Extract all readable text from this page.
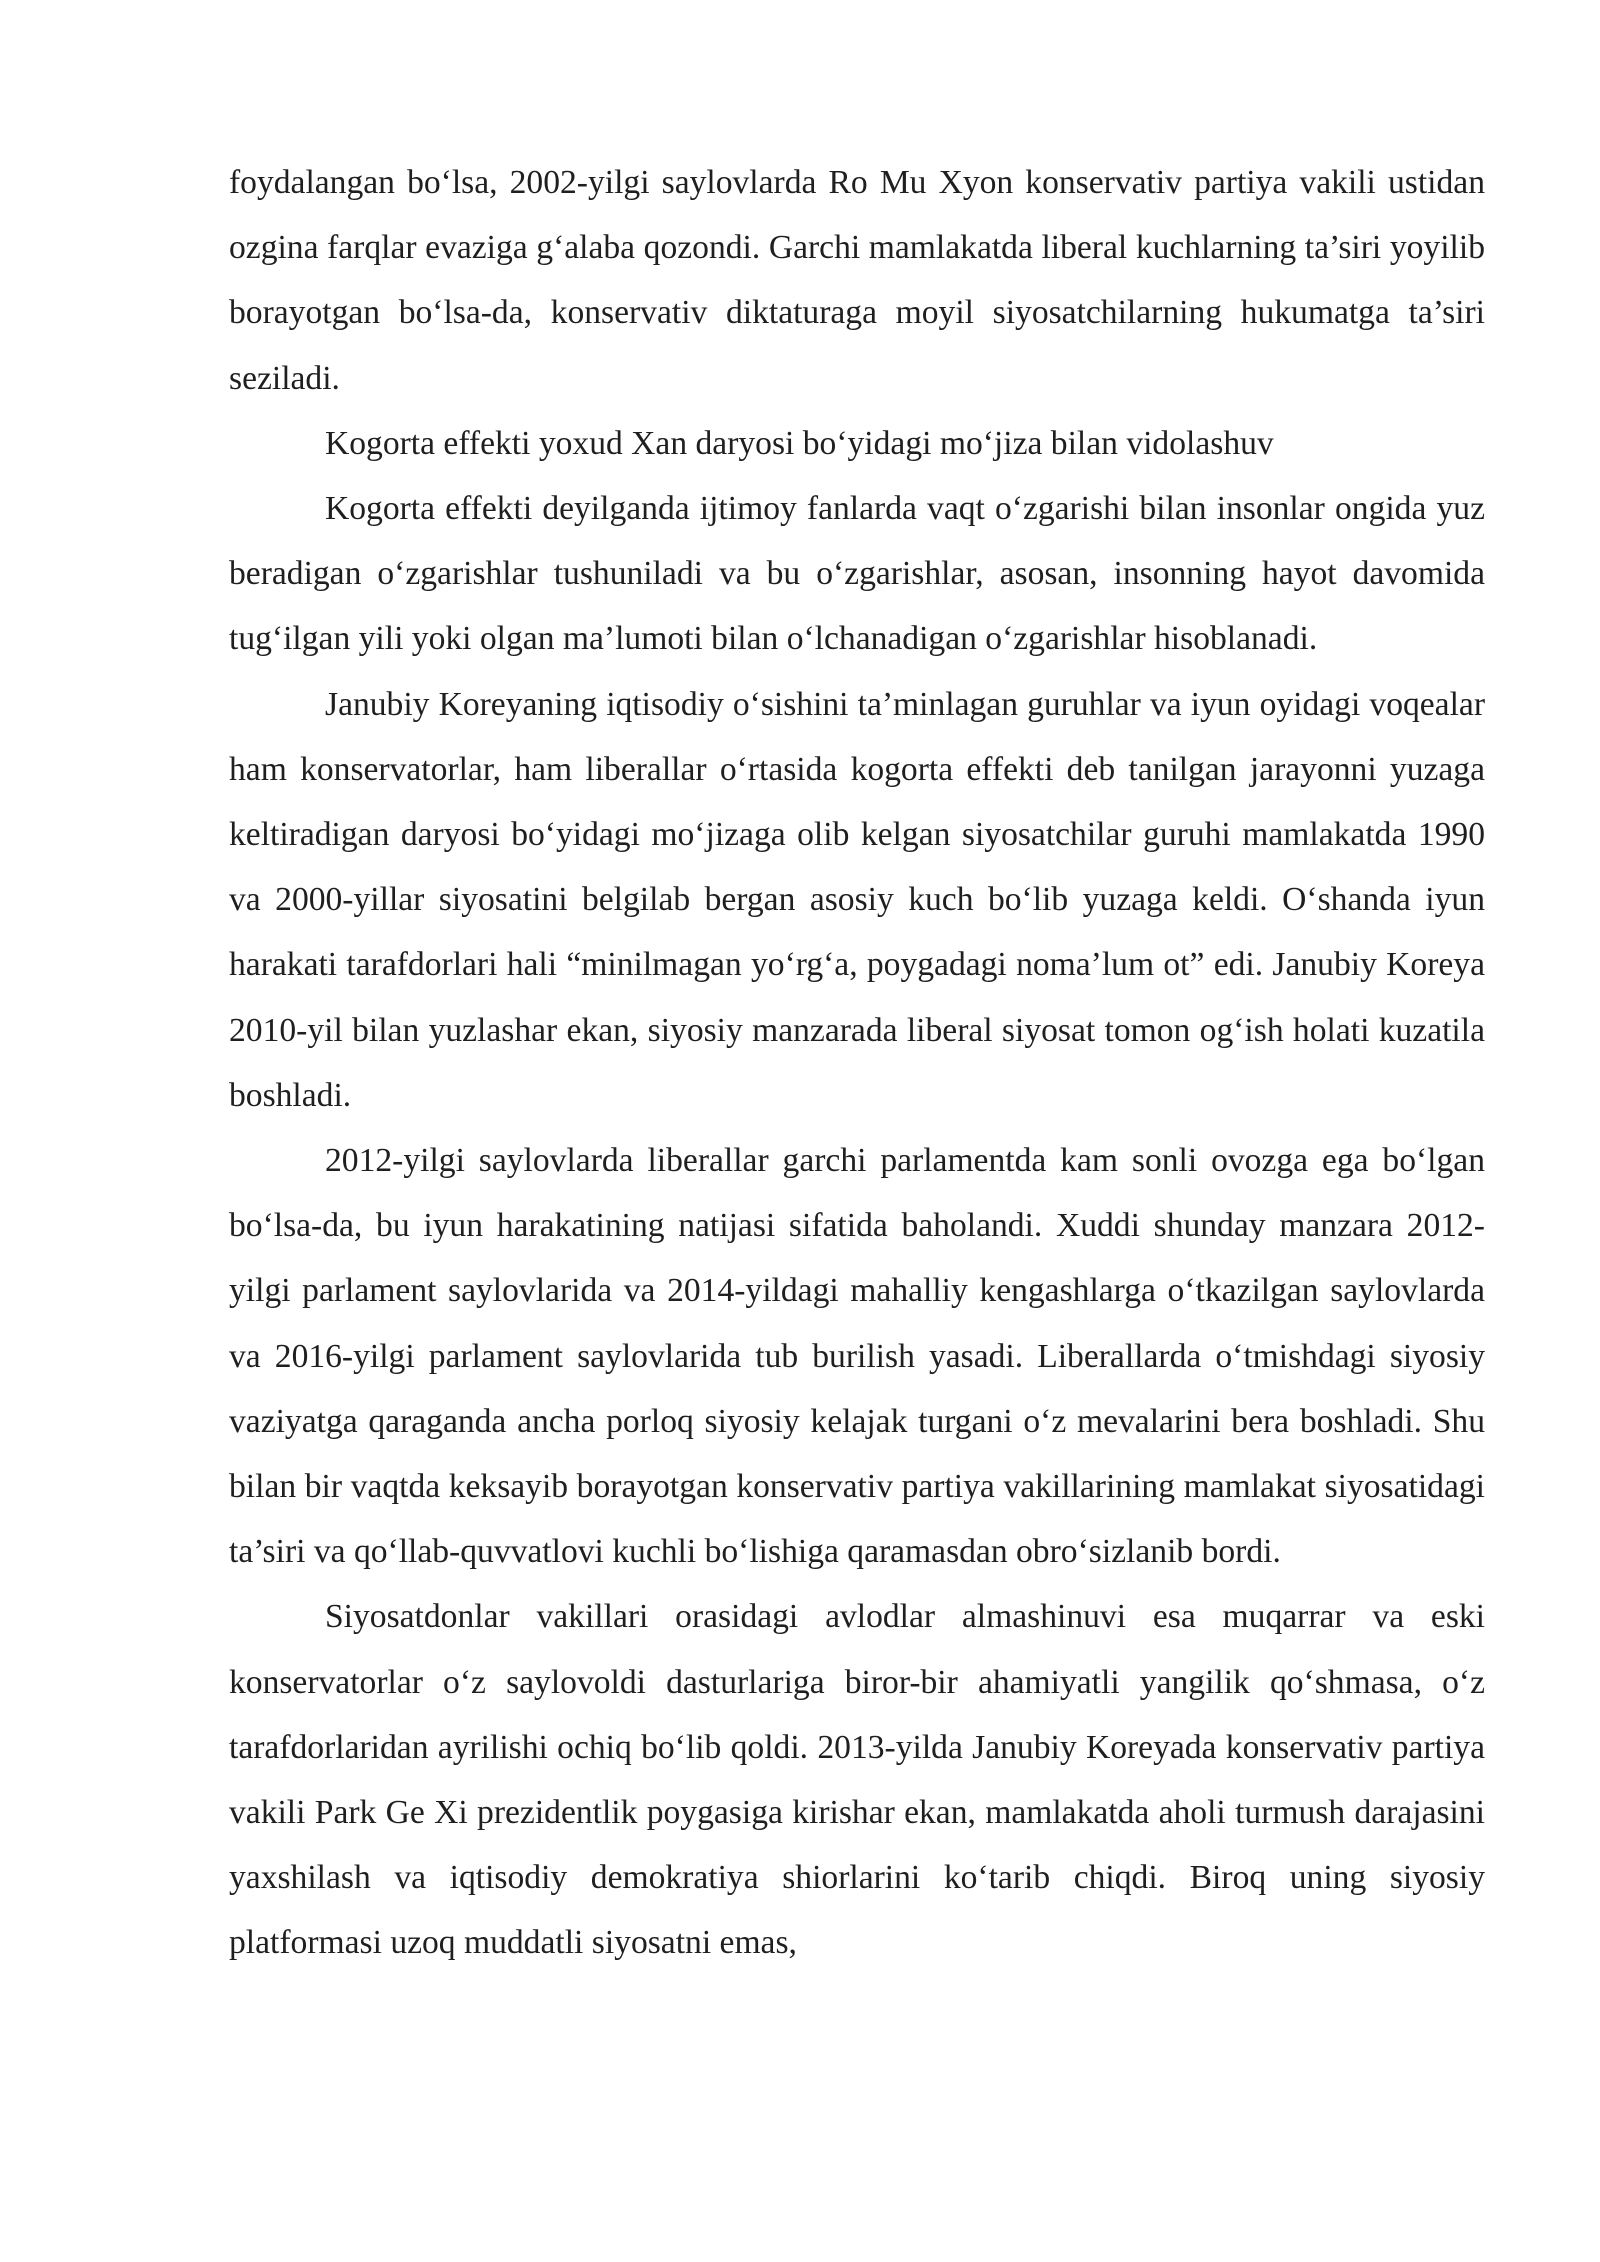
foydalangan bo‘lsa, 2002-yilgi saylovlarda Ro Mu Xyon konservativ partiya vakili ustidan ozgina farqlar evaziga g‘alaba qozondi. Garchi mamlakatda liberal kuchlarning ta’siri yoyilib borayotgan bo‘lsa-da, konservativ diktaturaga moyil siyosatchilarning hukumatga ta’siri seziladi.

Kogorta effekti yoxud Xan daryosi bo‘yidagi mo‘jiza bilan vidolashuv

Kogorta effekti deyilganda ijtimoy fanlarda vaqt o‘zgarishi bilan insonlar ongida yuz beradigan o‘zgarishlar tushuniladi va bu o‘zgarishlar, asosan, insonning hayot davomida tug‘ilgan yili yoki olgan ma’lumoti bilan o‘lchanadigan o‘zgarishlar hisoblanadi.

Janubiy Koreyaning iqtisodiy o‘sishini ta’minlagan guruhlar va iyun oyidagi voqealar ham konservatorlar, ham liberallar o‘rtasida kogorta effekti deb tanilgan jarayonni yuzaga keltiradigan daryosi bo‘yidagi mo‘jizaga olib kelgan siyosatchilar guruhi mamlakatda 1990 va 2000-yillar siyosatini belgilab bergan asosiy kuch bo‘lib yuzaga keldi. O‘shanda iyun harakati tarafdorlari hali “minilmagan yo‘rg‘a, poygadagi noma’lum ot” edi. Janubiy Koreya 2010-yil bilan yuzlashar ekan, siyosiy manzarada liberal siyosat tomon og‘ish holati kuzatila boshladi.

2012-yilgi saylovlarda liberallar garchi parlamentda kam sonli ovozga ega bo‘lgan bo‘lsa-da, bu iyun harakatining natijasi sifatida baholandi. Xuddi shunday manzara 2012-yilgi parlament saylovlarida va 2014-yildagi mahalliy kengashlarga o‘tkazilgan saylovlarda va 2016-yilgi parlament saylovlarida tub burilish yasadi. Liberallarda o‘tmishdagi siyosiy vaziyatga qaraganda ancha porloq siyosiy kelajak turgani o‘z mevalarini bera boshladi. Shu bilan bir vaqtda keksayib borayotgan konservativ partiya vakillarining mamlakat siyosatidagi ta’siri va qo‘llab-quvvatlovi kuchli bo‘lishiga qaramasdan obro‘sizlanib bordi.

Siyosatdonlar vakillari orasidagi avlodlar almashinuvi esa muqarrar va eski konservatorlar o‘z saylovoldi dasturlariga biror-bir ahamiyatli yangilik qo‘shmasa, o‘z tarafdorlaridan ayrilishi ochiq bo‘lib qoldi. 2013-yilda Janubiy Koreyada konservativ partiya vakili Park Ge Xi prezidentlik poygasiga kirishar ekan, mamlakatda aholi turmush darajasini yaxshilash va iqtisodiy demokratiya shiorlarini ko‘tarib chiqdi. Biroq uning siyosiy platformasi uzoq muddatli siyosatni emas,
